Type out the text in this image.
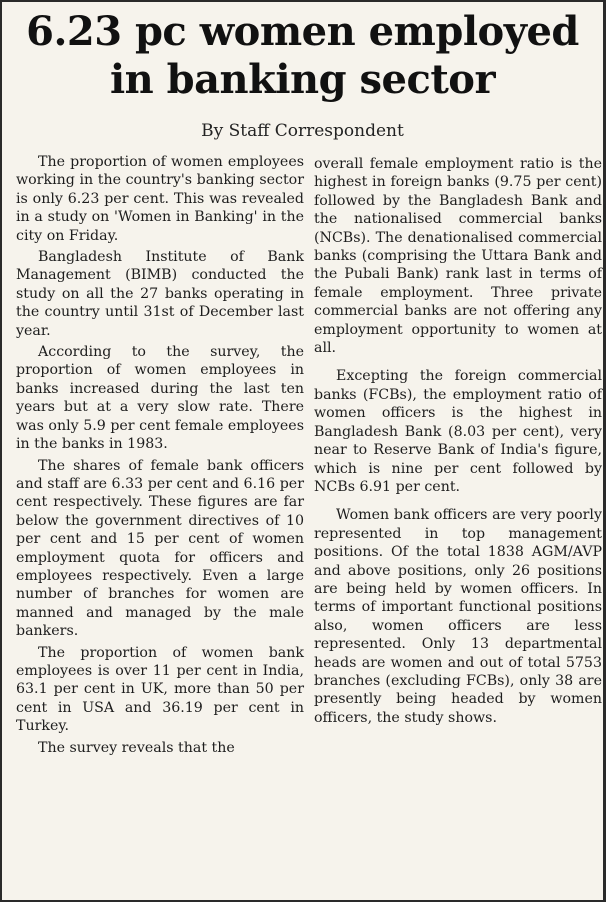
6.23 pc women employed
in banking sector
By Staff Correspondent

The proportion of women employees working in the country's banking sector is only 6.23 per cent. This was revealed in a study on 'Women in Banking' in the city on Friday.

Bangladesh Institute of Bank Management (BIMB) conducted the study on all the 27 banks operating in the country until 31st of December last year.

According to the survey, the proportion of women employees in banks increased during the last ten years but at a very slow rate. There was only 5.9 per cent female employees in the banks in 1983.

The shares of female bank officers and staff are 6.33 per cent and 6.16 per cent respectively. These figures are far below the government directives of 10 per cent and 15 per cent of women employment quota for officers and employees respectively. Even a large number of branches for women are manned and managed by the male bankers.

The proportion of women bank employees is over 11 per cent in India, 63.1 per cent in UK, more than 50 per cent in USA and 36.19 per cent in Turkey.

The survey reveals that the

overall female employment ratio is the highest in foreign banks (9.75 per cent) followed by the Bangladesh Bank and the nationalised commercial banks (NCBs). The denationalised commercial banks (comprising the Uttara Bank and the Pubali Bank) rank last in terms of female employment. Three private commercial banks are not offering any employment opportunity to women at all.

Excepting the foreign commercial banks (FCBs), the employment ratio of women officers is the highest in Bangladesh Bank (8.03 per cent), very near to Reserve Bank of India's figure, which is nine per cent followed by NCBs 6.91 per cent.

Women bank officers are very poorly represented in top management positions. Of the total 1838 AGM/AVP and above positions, only 26 positions are being held by women officers. In terms of important functional positions also, women officers are less represented. Only 13 departmental heads are women and out of total 5753 branches (excluding FCBs), only 38 are presently being headed by women officers, the study shows.
